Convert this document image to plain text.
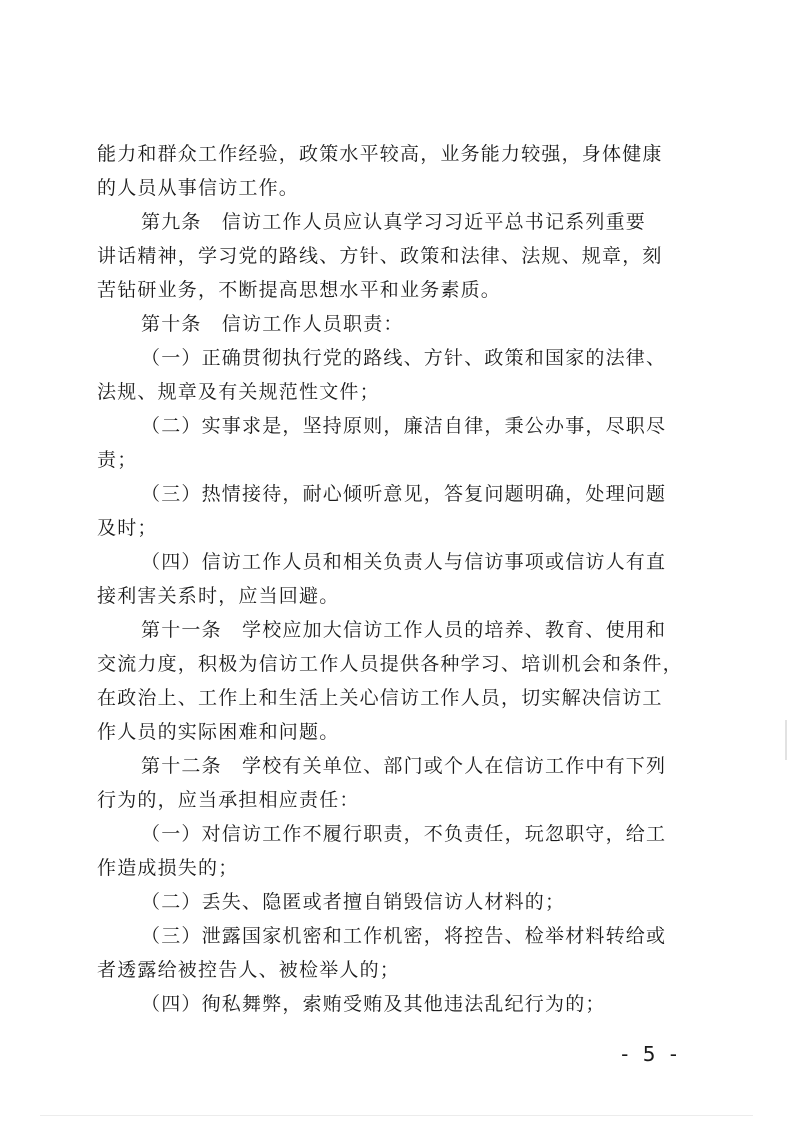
能力和群众工作经验，政策水平较高，业务能力较强，身体健康
的人员从事信访工作。
第九条　信访工作人员应认真学习习近平总书记系列重要
讲话精神，学习党的路线、方针、政策和法律、法规、规章，刻
苦钻研业务，不断提高思想水平和业务素质。
第十条　信访工作人员职责：
（一）正确贯彻执行党的路线、方针、政策和国家的法律、
法规、规章及有关规范性文件；
（二）实事求是，坚持原则，廉洁自律，秉公办事，尽职尽
责；
（三）热情接待，耐心倾听意见，答复问题明确，处理问题
及时；
（四）信访工作人员和相关负责人与信访事项或信访人有直
接利害关系时，应当回避。
第十一条　学校应加大信访工作人员的培养、教育、使用和
交流力度，积极为信访工作人员提供各种学习、培训机会和条件，
在政治上、工作上和生活上关心信访工作人员，切实解决信访工
作人员的实际困难和问题。
第十二条　学校有关单位、部门或个人在信访工作中有下列
行为的，应当承担相应责任：
（一）对信访工作不履行职责，不负责任，玩忽职守，给工
作造成损失的；
（二）丢失、隐匿或者擅自销毁信访人材料的；
（三）泄露国家机密和工作机密，将控告、检举材料转给或
者透露给被控告人、被检举人的；
（四）徇私舞弊，索贿受贿及其他违法乱纪行为的；
- 5 -
